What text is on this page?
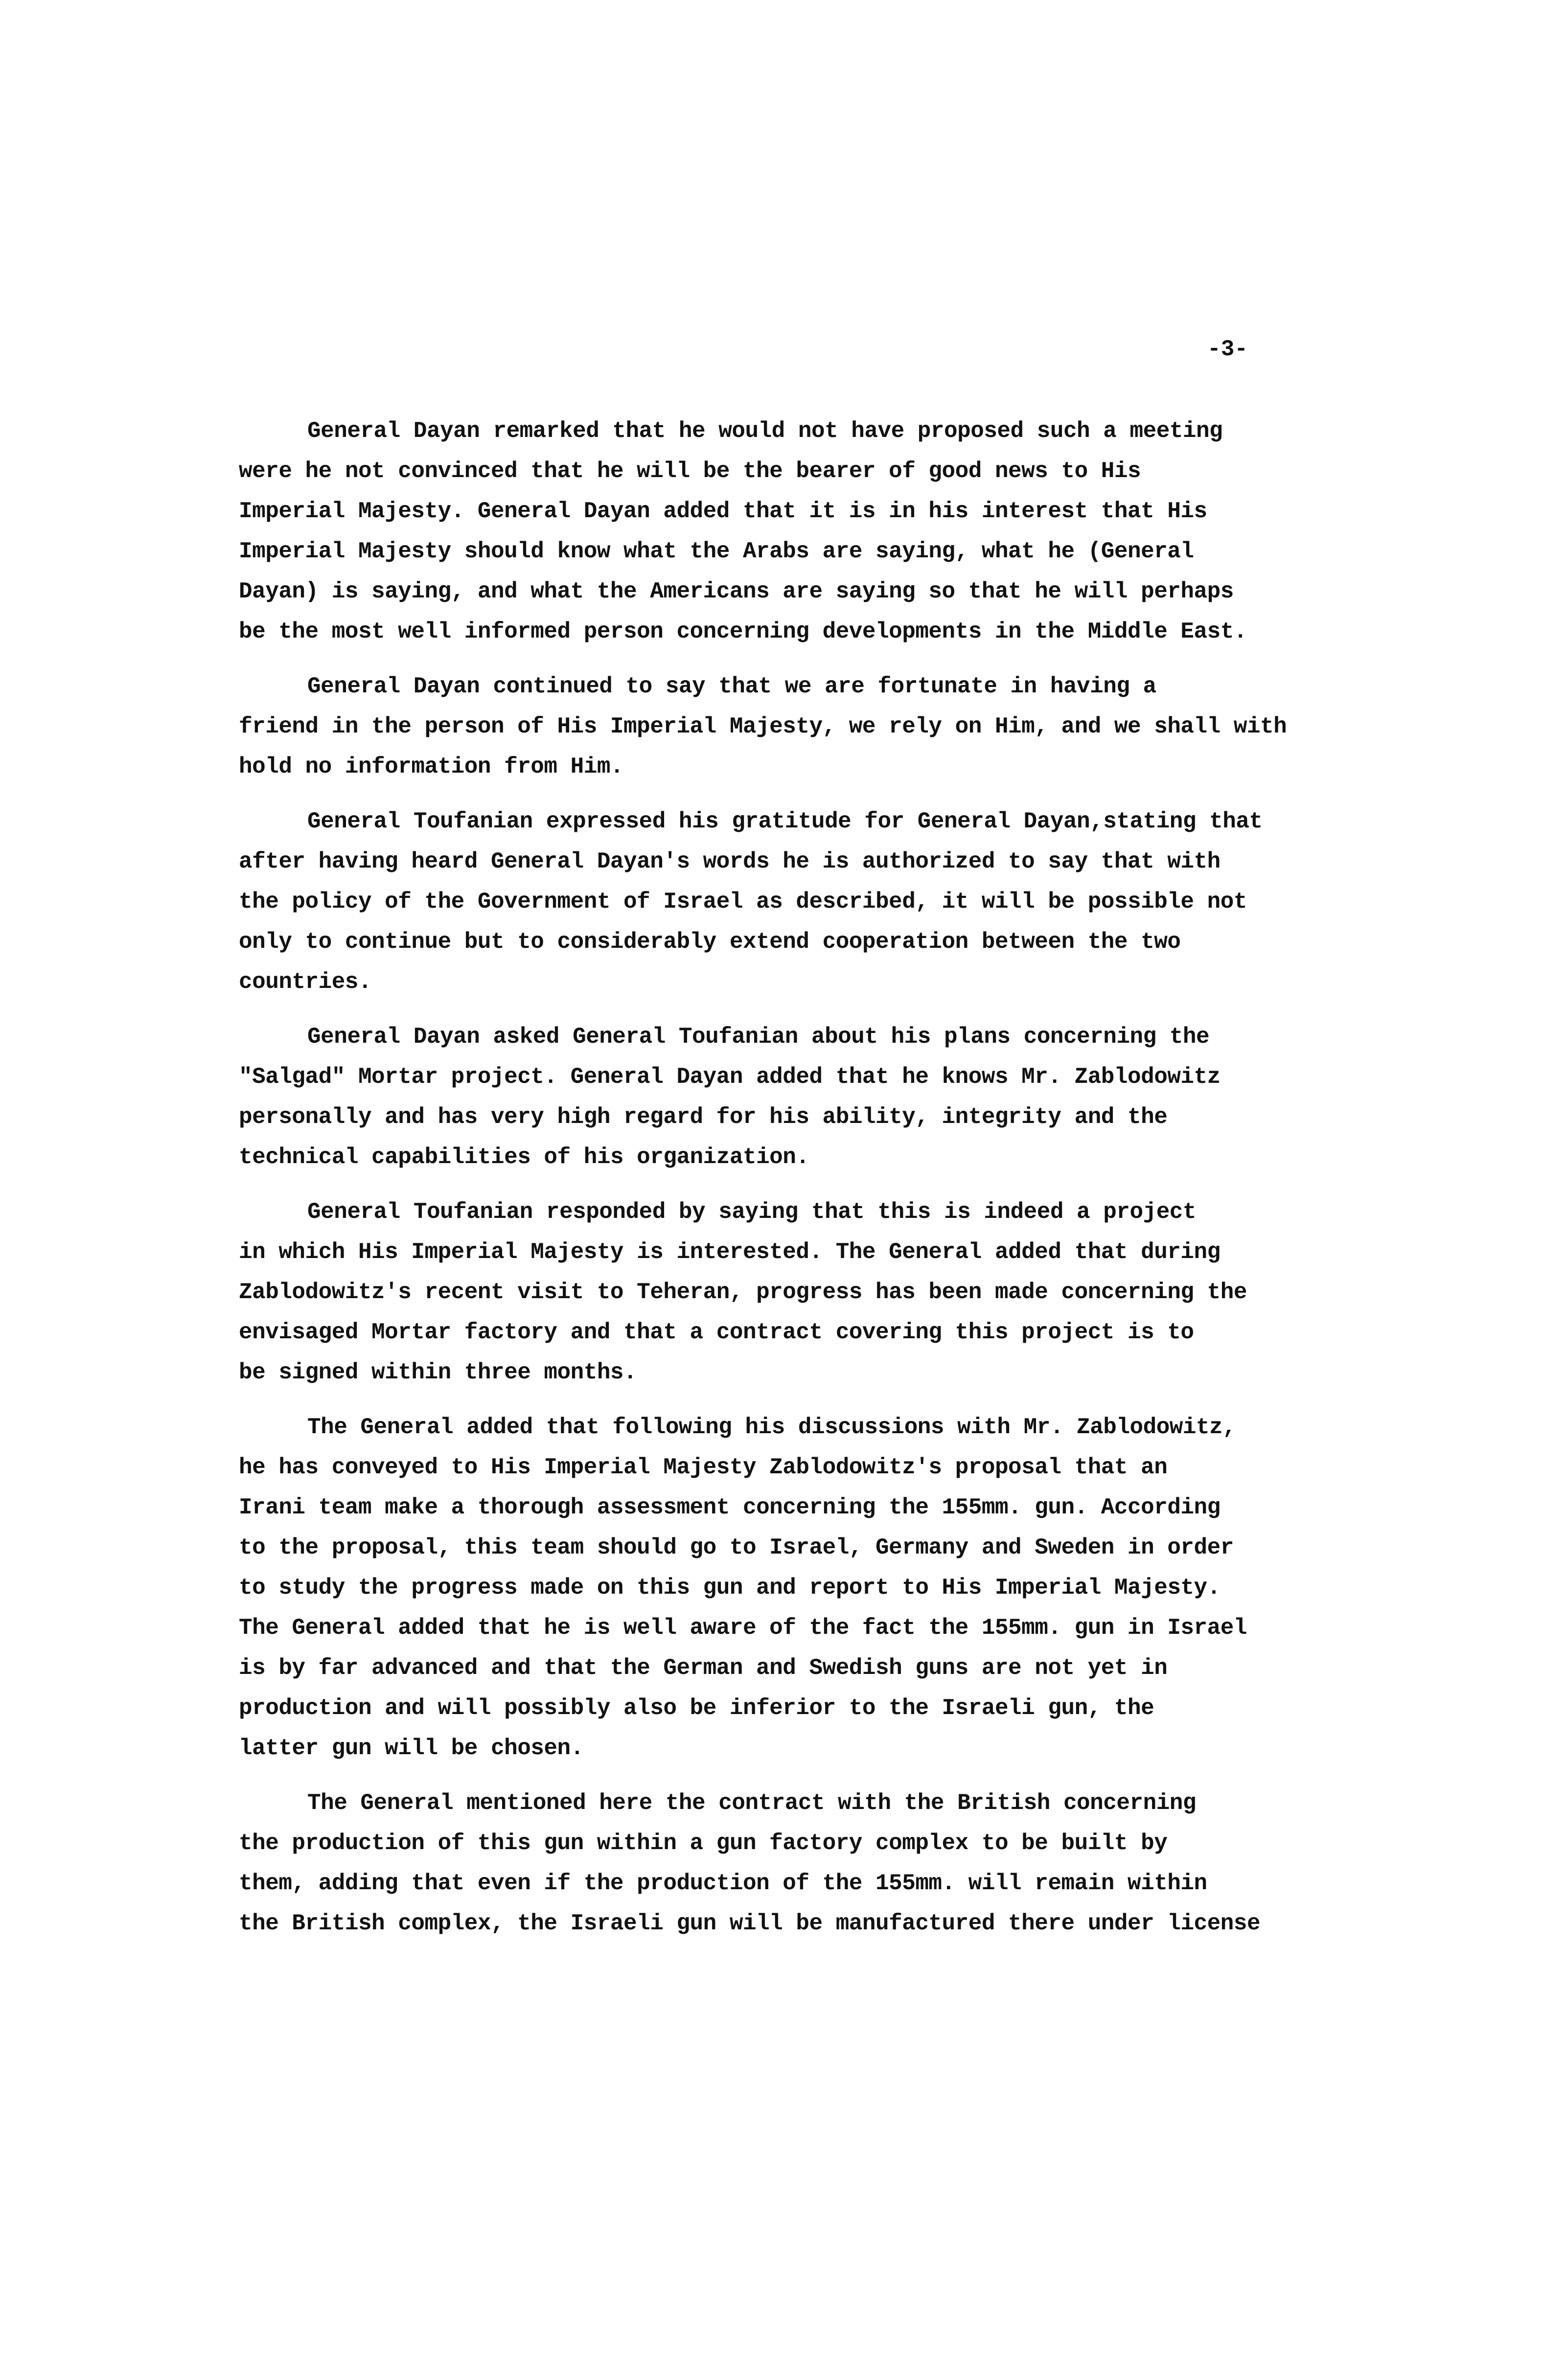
-3-
General Dayan remarked that he would not have proposed such a meeting
were he not convinced that he will be the bearer of good news to His
Imperial Majesty. General Dayan added that it is in his interest that His
Imperial Majesty should know what the Arabs are saying, what he (General
Dayan) is saying, and what the Americans are saying so that he will perhaps
be the most well informed person concerning developments in the Middle East.
General Dayan continued to say that we are fortunate in having a
friend in the person of His Imperial Majesty, we rely on Him, and we shall with
hold no information from Him.
General Toufanian expressed his gratitude for General Dayan,stating that
after having heard General Dayan's words he is authorized to say that with
the policy of the Government of Israel as described, it will be possible not
only to continue but to considerably extend cooperation between the two
countries.
General Dayan asked General Toufanian about his plans concerning the
"Salgad" Mortar project. General Dayan added that he knows Mr. Zablodowitz
personally and has very high regard for his ability, integrity and the
technical capabilities of his organization.
General Toufanian responded by saying that this is indeed a project
in which His Imperial Majesty is interested. The General added that during
Zablodowitz's recent visit to Teheran, progress has been made concerning the
envisaged Mortar factory and that a contract covering this project is to
be signed within three months.
The General added that following his discussions with Mr. Zablodowitz,
he has conveyed to His Imperial Majesty Zablodowitz's proposal that an
Irani team make a thorough assessment concerning the 155mm. gun. According
to the proposal, this team should go to Israel, Germany and Sweden in order
to study the progress made on this gun and report to His Imperial Majesty.
The General added that he is well aware of the fact the 155mm. gun in Israel
is by far advanced and that the German and Swedish guns are not yet in
production and will possibly also be inferior to the Israeli gun, the
latter gun will be chosen.
The General mentioned here the contract with the British concerning
the production of this gun within a gun factory complex to be built by
them, adding that even if the production of the 155mm. will remain within
the British complex, the Israeli gun will be manufactured there under license
